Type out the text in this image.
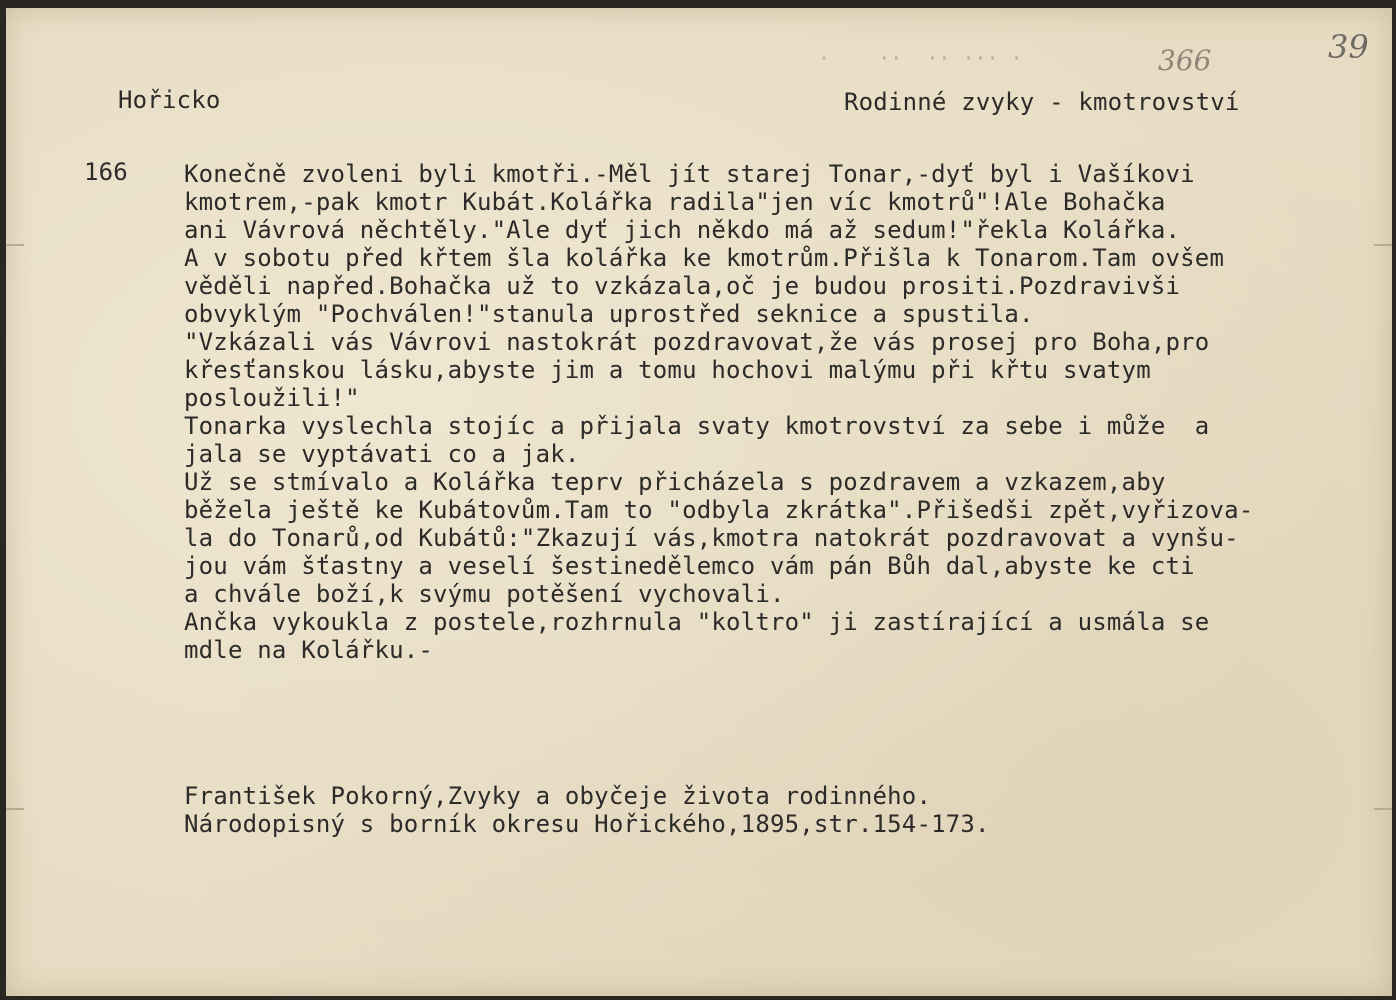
·    ··  ·· ··· ·	366	39
Hořicko	Rodinné zvyky - kmotrovství
166 Konečně zvoleni byli kmotři.-Měl jít starej Tonar,-dyť byl i Vašíkovi
kmotrem,-pak kmotr Kubát.Kolářka radila"jen víc kmotrů"!Ale Bohačka
ani Vávrová něchtěly."Ale dyť jich někdo má až sedum!"řekla Kolářka.
A v sobotu před křtem šla kolářka ke kmotrům.Přišla k Tonarom.Tam ovšem
věděli napřed.Bohačka už to vzkázala,oč je budou prositi.Pozdravivši
obvyklým "Pochválen!"stanula uprostřed seknice a spustila.
"Vzkázali vás Vávrovi nastokrát pozdravovat,že vás prosej pro Boha,pro
křesťanskou lásku,abyste jim a tomu hochovi malýmu při křtu svatym
posloužili!"
Tonarka vyslechla stojíc a přijala svaty kmotrovství za sebe i může  a
jala se vyptávati co a jak.
Už se stmívalo a Kolářka teprv přicházela s pozdravem a vzkazem,aby
běžela ještě ke Kubátovům.Tam to "odbyla zkrátka".Přišedši zpět,vyřizova-
la do Tonarů,od Kubátů:"Zkazují vás,kmotra natokrát pozdravovat a vynšu-
jou vám šťastny a veselí šestinedělemco vám pán Bůh dal,abyste ke cti
a chvále boží,k svýmu potěšení vychovali.
Ančka vykoukla z postele,rozhrnula "koltro" ji zastírající a usmála se
mdle na Kolářku.-
František Pokorný,Zvyky a obyčeje života rodinného.
Národopisný s borník okresu Hořického,1895,str.154-173.
